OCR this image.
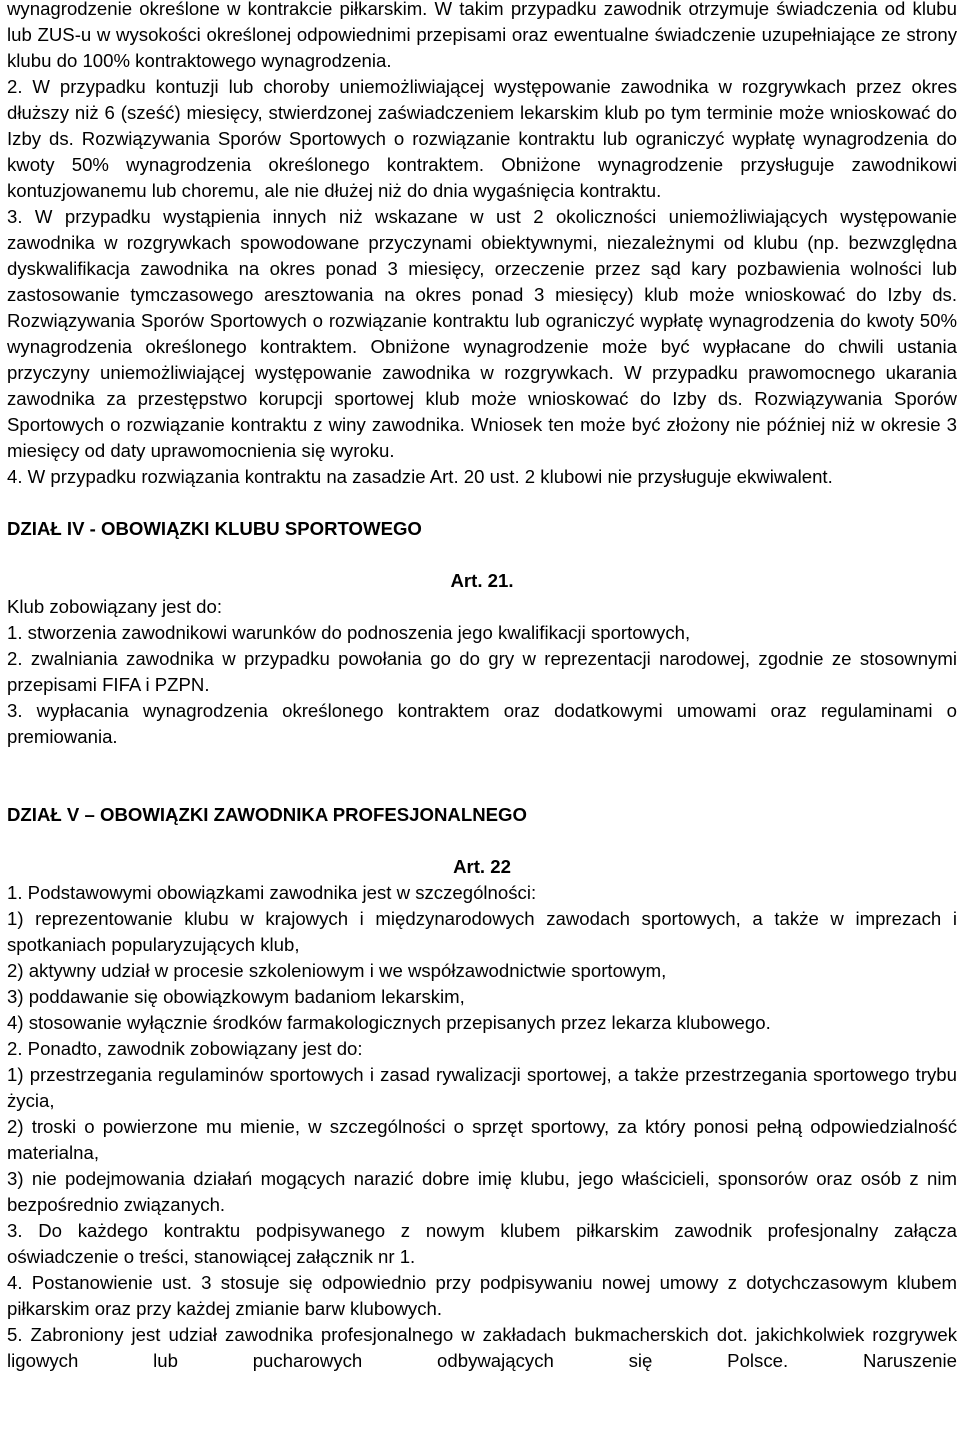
wynagrodzenie określone w kontrakcie piłkarskim. W takim przypadku zawodnik otrzymuje świadczenia od klubu lub ZUS-u w wysokości określonej odpowiednimi przepisami oraz ewentualne świadczenie uzupełniające ze strony klubu do 100% kontraktowego wynagrodzenia.

2. W przypadku kontuzji lub choroby uniemożliwiającej występowanie zawodnika w rozgrywkach przez okres dłuższy niż 6 (sześć) miesięcy, stwierdzonej zaświadczeniem lekarskim klub po tym terminie może wnioskować do Izby ds. Rozwiązywania Sporów Sportowych o rozwiązanie kontraktu lub ograniczyć wypłatę wynagrodzenia do kwoty 50% wynagrodzenia określonego kontraktem. Obniżone wynagrodzenie przysługuje zawodnikowi kontuzjowanemu lub choremu, ale nie dłużej niż do dnia wygaśnięcia kontraktu.

3. W przypadku wystąpienia innych niż wskazane w ust 2 okoliczności uniemożliwiających występowanie zawodnika w rozgrywkach spowodowane przyczynami obiektywnymi, niezależnymi od klubu (np. bezwzględna dyskwalifikacja zawodnika na okres ponad 3 miesięcy, orzeczenie przez sąd kary pozbawienia wolności lub zastosowanie tymczasowego aresztowania na okres ponad 3 miesięcy) klub może wnioskować do Izby ds. Rozwiązywania Sporów Sportowych o rozwiązanie kontraktu lub ograniczyć wypłatę wynagrodzenia do kwoty 50% wynagrodzenia określonego kontraktem. Obniżone wynagrodzenie może być wypłacane do chwili ustania przyczyny uniemożliwiającej występowanie zawodnika w rozgrywkach. W przypadku prawomocnego ukarania zawodnika za przestępstwo korupcji sportowej klub może wnioskować do Izby ds. Rozwiązywania Sporów Sportowych o rozwiązanie kontraktu z winy zawodnika. Wniosek ten może być złożony nie później niż w okresie 3 miesięcy od daty uprawomocnienia się wyroku.

4. W przypadku rozwiązania kontraktu na zasadzie Art. 20 ust. 2 klubowi nie przysługuje ekwiwalent.

DZIAŁ IV - OBOWIĄZKI KLUBU SPORTOWEGO

Art. 21.

Klub zobowiązany jest do:

1. stworzenia zawodnikowi warunków do podnoszenia jego kwalifikacji sportowych,

2. zwalniania zawodnika w przypadku powołania go do gry w reprezentacji narodowej, zgodnie ze stosownymi przepisami FIFA i PZPN.

3. wypłacania wynagrodzenia określonego kontraktem oraz dodatkowymi umowami oraz regulaminami o premiowania.

DZIAŁ V – OBOWIĄZKI ZAWODNIKA PROFESJONALNEGO

Art. 22

1. Podstawowymi obowiązkami zawodnika jest w szczególności:

1) reprezentowanie klubu w krajowych i międzynarodowych zawodach sportowych, a także w imprezach i spotkaniach popularyzujących klub,

2) aktywny udział w procesie szkoleniowym i we współzawodnictwie sportowym,

3) poddawanie się obowiązkowym badaniom lekarskim,

4) stosowanie wyłącznie środków farmakologicznych przepisanych przez lekarza klubowego.

2. Ponadto, zawodnik zobowiązany jest do:

1) przestrzegania regulaminów sportowych i zasad rywalizacji sportowej, a także przestrzegania sportowego trybu życia,

2) troski o powierzone mu mienie, w szczególności o sprzęt sportowy, za który ponosi pełną odpowiedzialność materialna,

3) nie podejmowania działań mogących narazić dobre imię klubu, jego właścicieli, sponsorów oraz osób z nim bezpośrednio związanych.

3. Do każdego kontraktu podpisywanego z nowym klubem piłkarskim zawodnik profesjonalny załącza oświadczenie o treści, stanowiącej załącznik nr 1.

4. Postanowienie ust. 3 stosuje się odpowiednio przy podpisywaniu nowej umowy z dotychczasowym klubem piłkarskim oraz przy każdej zmianie barw klubowych.

5. Zabroniony jest udział zawodnika profesjonalnego w zakładach bukmacherskich dot. jakichkolwiek rozgrywek ligowych lub pucharowych odbywających się Polsce. Naruszenie
